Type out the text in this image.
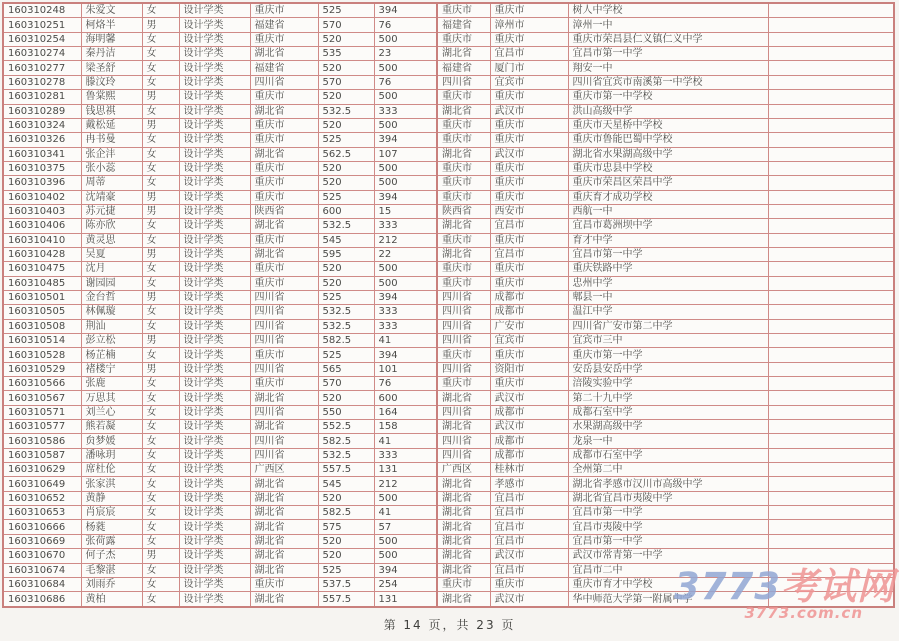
160310248	朱爱文	女	设计学类	重庆市	525	394	重庆市	重庆市	树人中学校	
160310251	柯烙半	男	设计学类	福建省	570	76	福建省	漳州市	漳州一中	
160310254	海明馨	女	设计学类	重庆市	520	500	重庆市	重庆市	重庆市荣昌县仁义镇仁义中学	
160310274	秦丹洁	女	设计学类	湖北省	535	23	湖北省	宜昌市	宜昌市第一中学	
160310277	梁圣舒	女	设计学类	福建省	520	500	福建省	厦门市	翔安一中	
160310278	滕汶玲	女	设计学类	四川省	570	76	四川省	宜宾市	四川省宜宾市南溪第一中学校	
160310281	鲁棠熙	男	设计学类	重庆市	520	500	重庆市	重庆市	重庆市第一中学校	
160310289	钱思祺	女	设计学类	湖北省	532.5	333	湖北省	武汉市	洪山高级中学	
160310324	戴松延	男	设计学类	重庆市	520	500	重庆市	重庆市	重庆市天星桥中学校	
160310326	冉书曼	女	设计学类	重庆市	525	394	重庆市	重庆市	重庆市鲁能巴蜀中学校	
160310341	张企沣	女	设计学类	湖北省	562.5	107	湖北省	武汉市	湖北省水果湖高级中学	
160310375	张小蕊	女	设计学类	重庆市	520	500	重庆市	重庆市	重庆市忠县中学校	
160310396	周蒂	女	设计学类	重庆市	520	500	重庆市	重庆市	重庆市荣昌区荣昌中学	
160310402	沈靖豪	男	设计学类	重庆市	525	394	重庆市	重庆市	重庆育才成功学校	
160310403	苏元捷	男	设计学类	陕西省	600	15	陕西省	西安市	西航一中	
160310406	陈亦欣	女	设计学类	湖北省	532.5	333	湖北省	宜昌市	宜昌市葛洲坝中学	
160310410	黄灵思	女	设计学类	重庆市	545	212	重庆市	重庆市	育才中学	
160310428	吴夏	男	设计学类	湖北省	595	22	湖北省	宜昌市	宜昌市第一中学	
160310475	沈月	女	设计学类	重庆市	520	500	重庆市	重庆市	重庆铁路中学	
160310485	谢园园	女	设计学类	重庆市	520	500	重庆市	重庆市	忠州中学	
160310501	金台哲	男	设计学类	四川省	525	394	四川省	成都市	郫县一中	
160310505	林佩璇	女	设计学类	四川省	532.5	333	四川省	成都市	温江中学	
160310508	荆汕	女	设计学类	四川省	532.5	333	四川省	广安市	四川省广安市第二中学	
160310514	彭立松	男	设计学类	四川省	582.5	41	四川省	宜宾市	宜宾市三中	
160310528	杨芷楠	女	设计学类	重庆市	525	394	重庆市	重庆市	重庆市第一中学	
160310529	褚楼宁	男	设计学类	四川省	565	101	四川省	资阳市	安岳县安岳中学	
160310566	张鹿	女	设计学类	重庆市	570	76	重庆市	重庆市	涪陵实验中学	
160310567	万思其	女	设计学类	湖北省	520	600	湖北省	武汉市	第二十九中学	
160310571	刘兰心	女	设计学类	四川省	550	164	四川省	成都市	成都石室中学	
160310577	熊若凝	女	设计学类	湖北省	552.5	158	湖北省	武汉市	水果湖高级中学	
160310586	贠梦媛	女	设计学类	四川省	582.5	41	四川省	成都市	龙泉一中	
160310587	潘咏玥	女	设计学类	四川省	532.5	333	四川省	成都市	成都市石室中学	
160310629	席杜伦	女	设计学类	广西区	557.5	131	广西区	桂林市	全州第二中	
160310649	张家淇	女	设计学类	湖北省	545	212	湖北省	孝感市	湖北省孝感市汉川市高级中学	
160310652	黄静	女	设计学类	湖北省	520	500	湖北省	宜昌市	湖北省宜昌市夷陵中学	
160310653	肖宸宸	女	设计学类	湖北省	582.5	41	湖北省	宜昌市	宜昌市第一中学	
160310666	杨蕤	女	设计学类	湖北省	575	57	湖北省	宜昌市	宜昌市夷陵中学	
160310669	张荷露	女	设计学类	湖北省	520	500	湖北省	宜昌市	宜昌市第一中学	
160310670	何子杰	男	设计学类	湖北省	520	500	湖北省	武汉市	武汉市常青第一中学	
160310674	毛黎湛	女	设计学类	湖北省	525	394	湖北省	宜昌市	宜昌市二中	
160310684	刘雨乔	女	设计学类	重庆市	537.5	254	重庆市	重庆市	重庆市育才中学校	
160310686	黄柏	女	设计学类	湖北省	557.5	131	湖北省	武汉市	华中师范大学第一附属中学	
第 14 页，共 23 页
3773考试网
3773.com.cn
